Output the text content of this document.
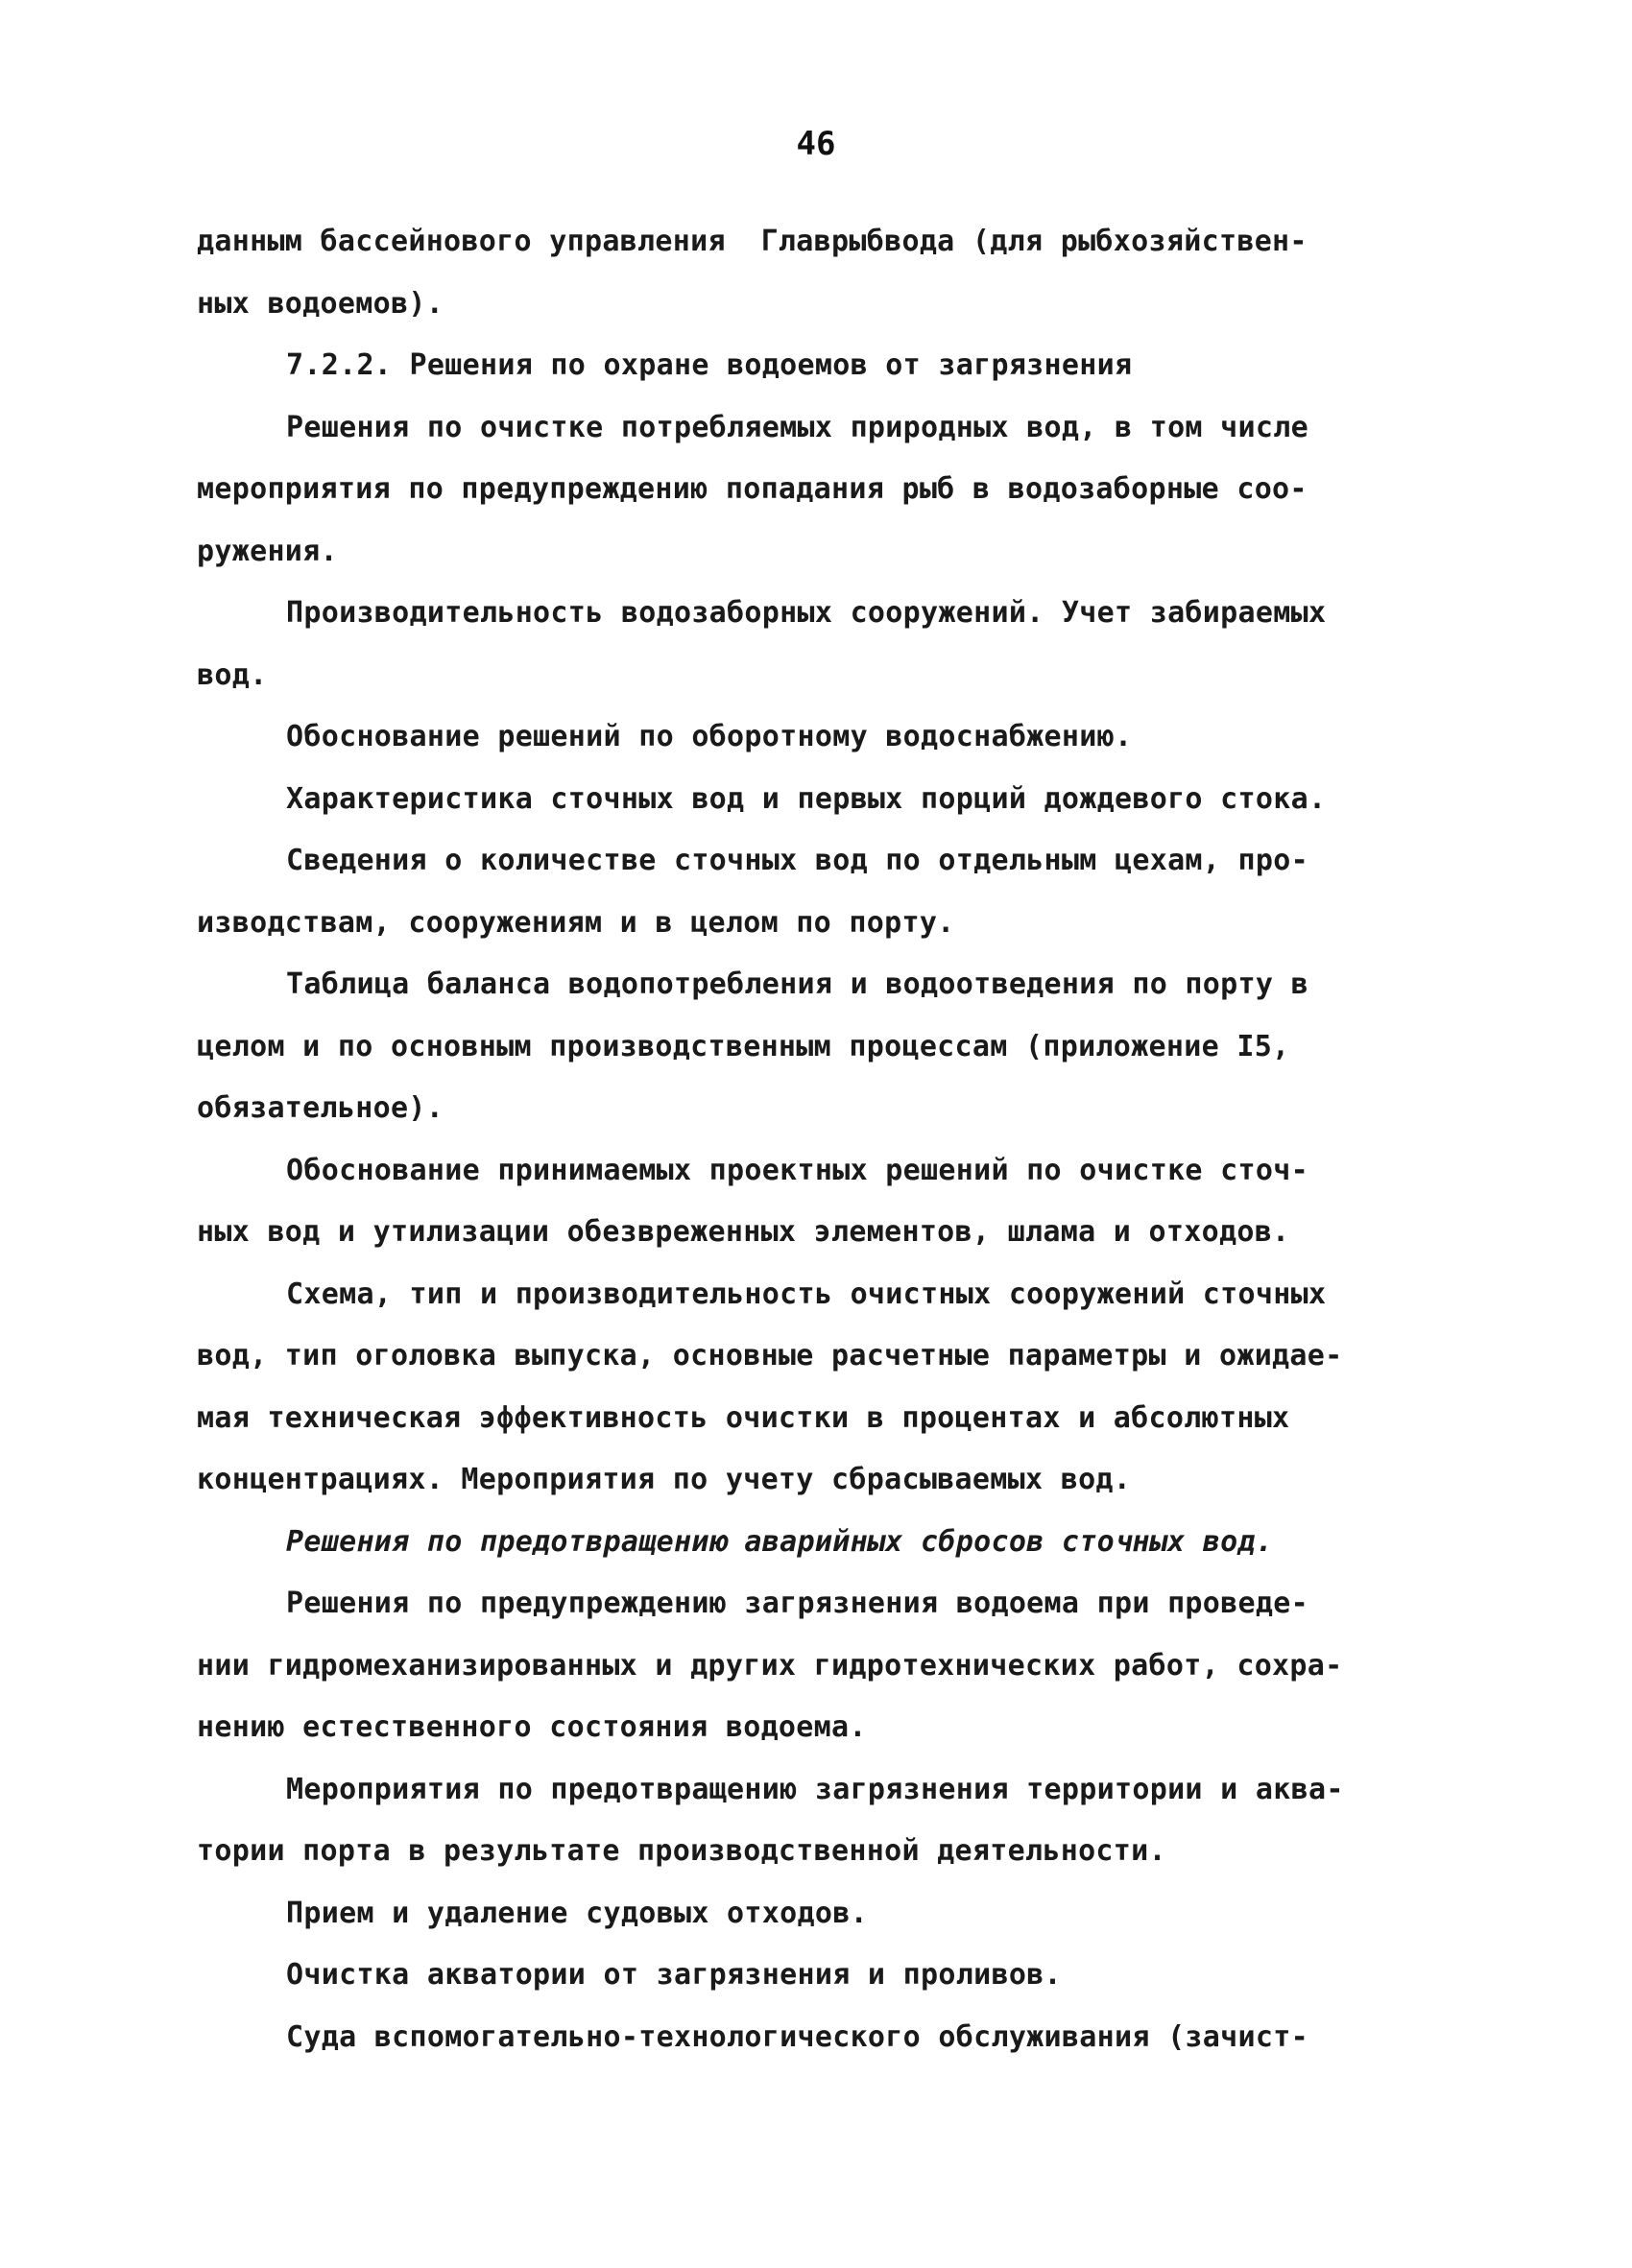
46

данным бассейнового управления  Главрыбвода (для рыбхозяйствен-
ных водоемов).
7.2.2. Решения по охране водоемов от загрязнения
Решения по очистке потребляемых природных вод, в том числе
мероприятия по предупреждению попадания рыб в водозаборные соо-
ружения.
Производительность водозаборных сооружений. Учет забираемых
вод.
Обоснование решений по оборотному водоснабжению.
Характеристика сточных вод и первых порций дождевого стока.
Сведения о количестве сточных вод по отдельным цехам, про-
изводствам, сооружениям и в целом по порту.
Таблица баланса водопотребления и водоотведения по порту в
целом и по основным производственным процессам (приложение I5,
обязательное).
Обоснование принимаемых проектных решений по очистке сточ-
ных вод и утилизации обезвреженных элементов, шлама и отходов.
Схема, тип и производительность очистных сооружений сточных
вод, тип оголовка выпуска, основные расчетные параметры и ожидае-
мая техническая эффективность очистки в процентах и абсолютных
концентрациях. Мероприятия по учету сбрасываемых вод.
Решения по предотвращению аварийных сбросов сточных вод.
Решения по предупреждению загрязнения водоема при проведе-
нии гидромеханизированных и других гидротехнических работ, сохра-
нению естественного состояния водоема.
Мероприятия по предотвращению загрязнения территории и аква-
тории порта в результате производственной деятельности.
Прием и удаление судовых отходов.
Очистка акватории от загрязнения и проливов.
Суда вспомогательно-технологического обслуживания (зачист-
